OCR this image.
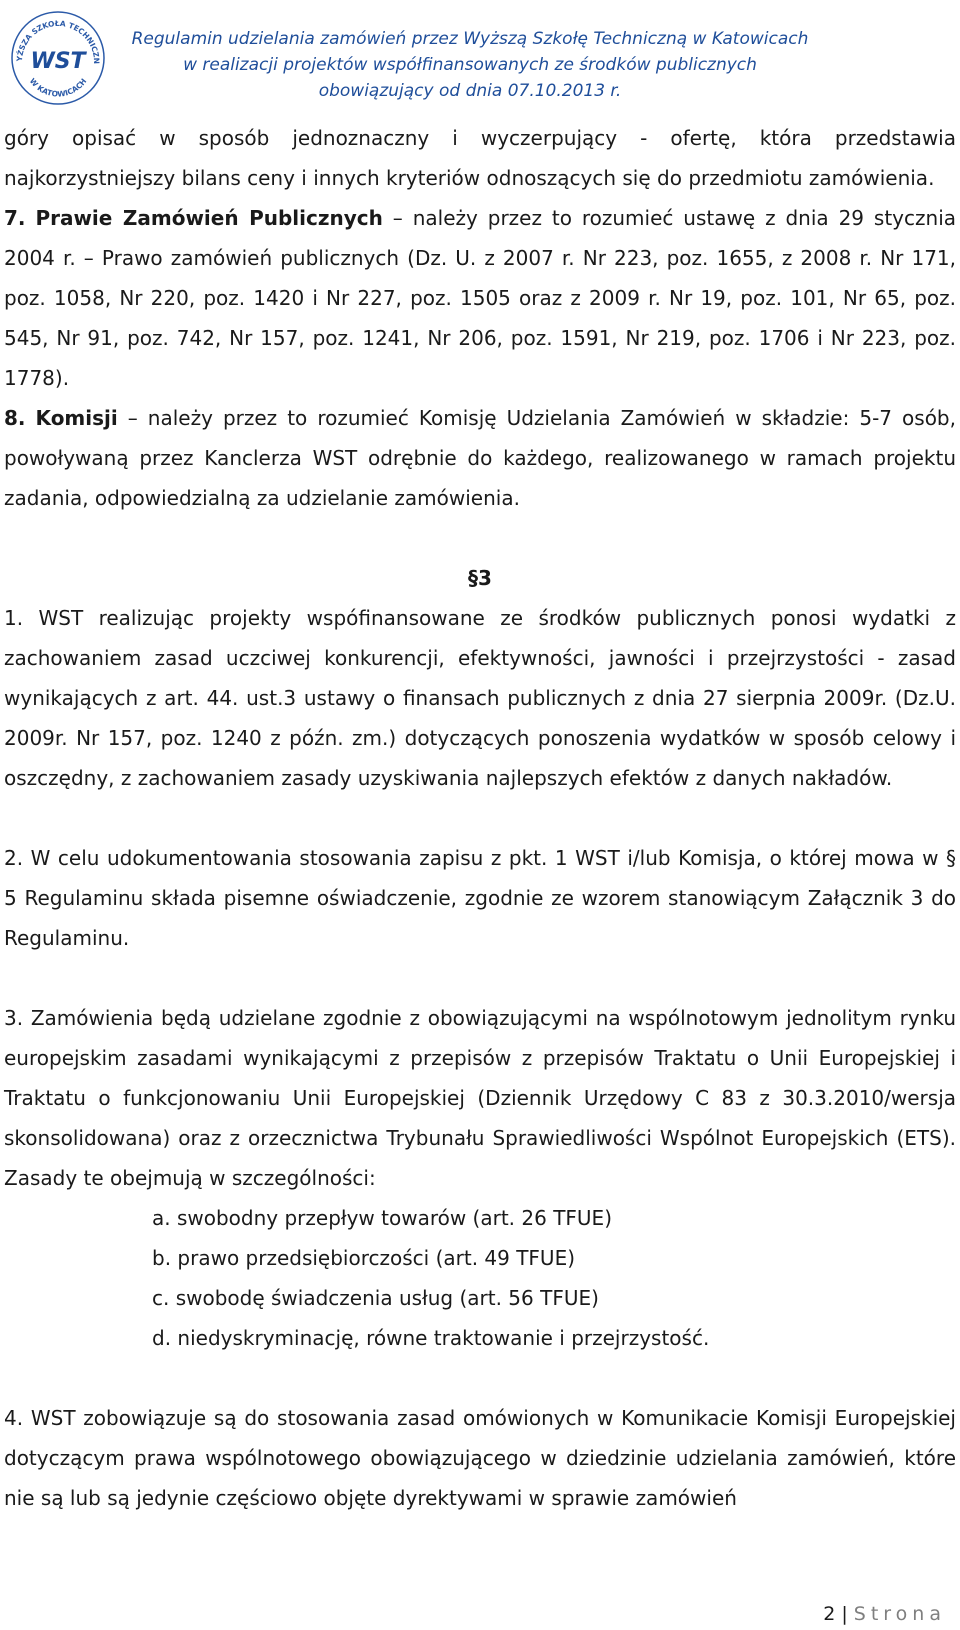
YŻSZA SZKOŁA TECHNICZN
W KATOWICACH
WST
Regulamin udzielania zamówień przez Wyższą Szkołę Techniczną w Katowicach
w realizacji projektów współfinansowanych ze środków publicznych
obowiązujący od dnia 07.10.2013 r.

góry opisać w sposób jednoznaczny i wyczerpujący - ofertę, która przedstawia najkorzystniejszy bilans ceny i innych kryteriów odnoszących się do przedmiotu zamówienia.

7. Prawie Zamówień Publicznych – należy przez to rozumieć ustawę z dnia 29 stycznia 2004 r. – Prawo zamówień publicznych (Dz. U. z 2007 r. Nr 223, poz. 1655, z 2008 r. Nr 171, poz. 1058, Nr 220, poz. 1420 i Nr 227, poz. 1505 oraz z 2009 r. Nr 19, poz. 101, Nr 65, poz. 545, Nr 91, poz. 742, Nr 157, poz. 1241, Nr 206, poz. 1591, Nr 219, poz. 1706 i Nr 223, poz. 1778).

8. Komisji – należy przez to rozumieć Komisję Udzielania Zamówień w składzie: 5-7 osób, powoływaną przez Kanclerza WST odrębnie do każdego, realizowanego w ramach projektu zadania, odpowiedzialną za udzielanie zamówienia.

§3

1. WST realizując projekty wspófinansowane ze środków publicznych ponosi wydatki z zachowaniem zasad uczciwej konkurencji, efektywności, jawności i przejrzystości - zasad wynikających z art. 44. ust.3 ustawy o finansach publicznych z dnia 27 sierpnia 2009r. (Dz.U. 2009r. Nr 157, poz. 1240 z późn. zm.) dotyczących ponoszenia wydatków w sposób celowy i oszczędny, z zachowaniem zasady uzyskiwania najlepszych efektów z danych nakładów.

2. W celu udokumentowania stosowania zapisu z pkt. 1 WST i/lub Komisja, o której mowa w § 5 Regulaminu składa pisemne oświadczenie, zgodnie ze wzorem stanowiącym Załącznik 3 do Regulaminu.

3. Zamówienia będą udzielane zgodnie z obowiązującymi na wspólnotowym jednolitym rynku europejskim zasadami wynikającymi z przepisów z przepisów Traktatu o Unii Europejskiej i Traktatu o funkcjonowaniu Unii Europejskiej (Dziennik Urzędowy C 83 z 30.3.2010/wersja skonsolidowana) oraz z orzecznictwa Trybunału Sprawiedliwości Wspólnot Europejskich (ETS). Zasady te obejmują w szczególności:

a. swobodny przepływ towarów (art. 26 TFUE)
b. prawo przedsiębiorczości (art. 49 TFUE)
c. swobodę świadczenia usług (art. 56 TFUE)
d. niedyskryminację, równe traktowanie i przejrzystość.

4. WST zobowiązuje są do stosowania zasad omówionych w Komunikacie Komisji Europejskiej dotyczącym prawa wspólnotowego obowiązującego w dziedzinie udzielania zamówień, które nie są lub są jedynie częściowo objęte dyrektywami w sprawie zamówień

2 | Strona
